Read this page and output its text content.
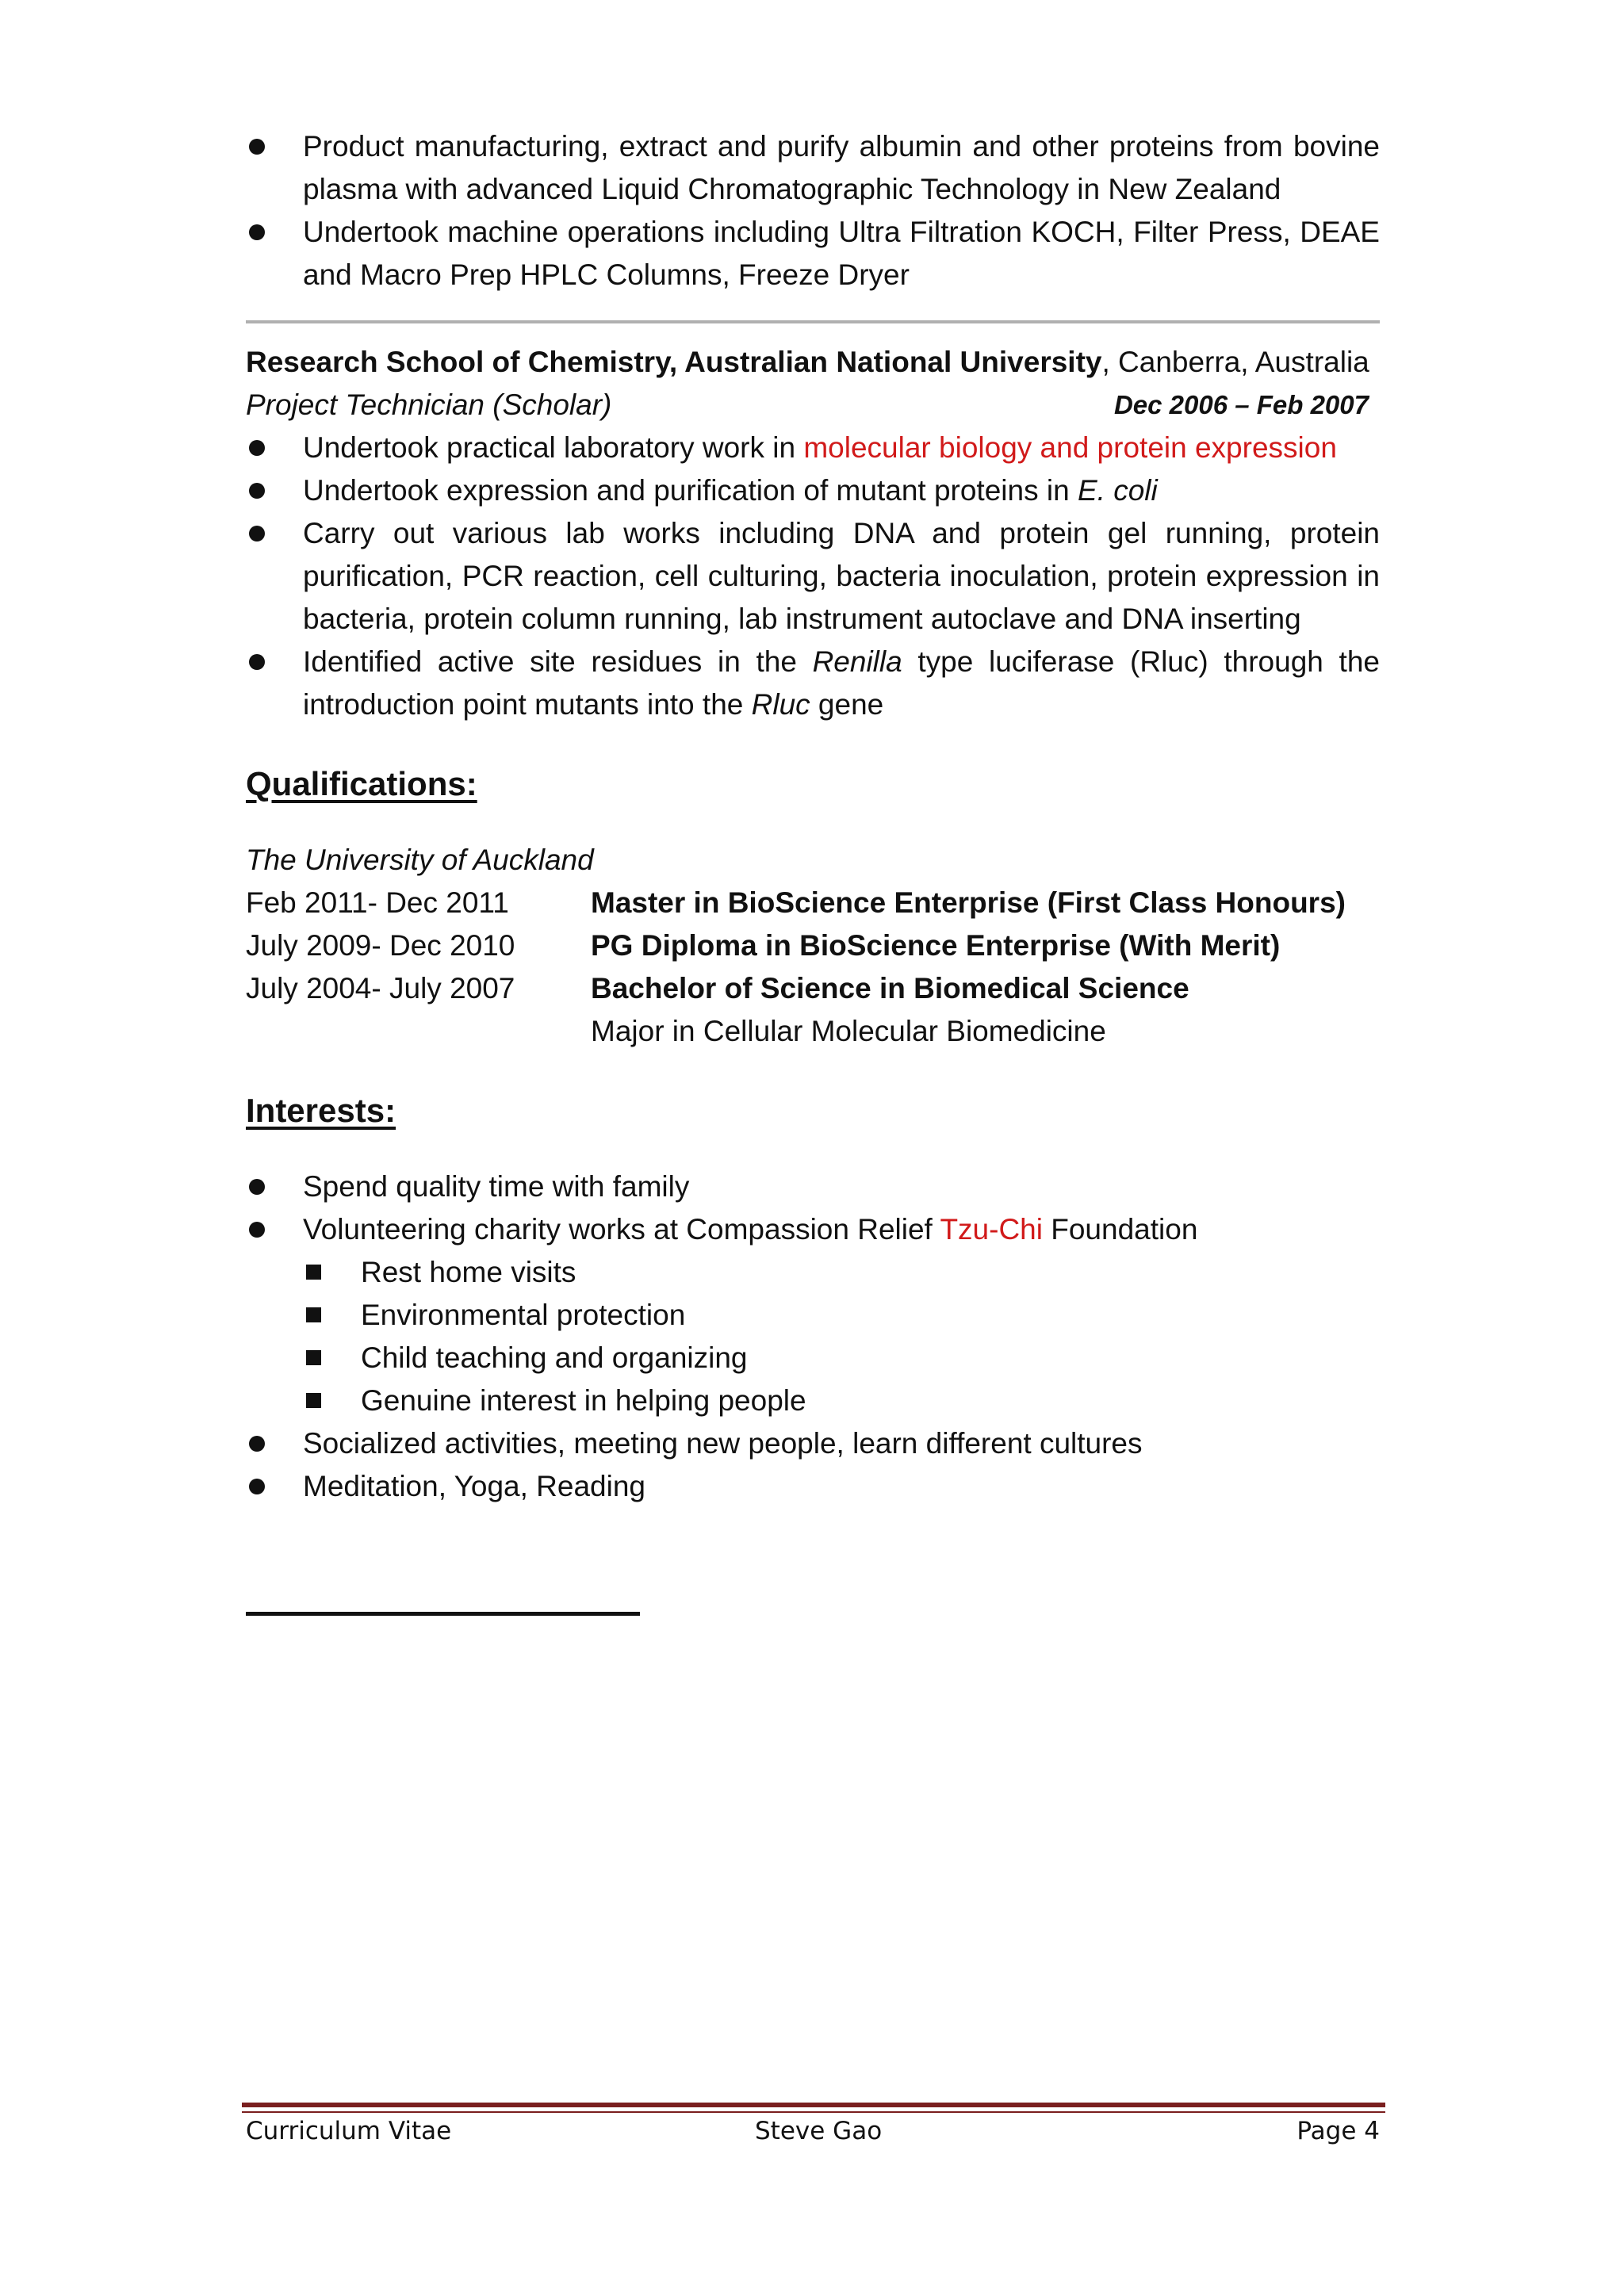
Product manufacturing, extract and purify albumin and other proteins from bovine plasma with advanced Liquid Chromatographic Technology in New Zealand
Undertook machine operations including Ultra Filtration KOCH, Filter Press, DEAE and Macro Prep HPLC Columns, Freeze Dryer
Research School of Chemistry, Australian National University, Canberra, Australia
Project Technician (Scholar)	Dec 2006 – Feb 2007
Undertook practical laboratory work in molecular biology and protein expression
Undertook expression and purification of mutant proteins in E. coli
Carry out various lab works including DNA and protein gel running, protein purification, PCR reaction, cell culturing, bacteria inoculation, protein expression in bacteria, protein column running, lab instrument autoclave and DNA inserting
Identified active site residues in the Renilla type luciferase (Rluc) through the introduction point mutants into the Rluc gene
Qualifications:
The University of Auckland
Feb 2011- Dec 2011	Master in BioScience Enterprise (First Class Honours)
July 2009- Dec 2010	PG Diploma in BioScience Enterprise (With Merit)
July 2004- July 2007	Bachelor of Science in Biomedical Science
Major in Cellular Molecular Biomedicine
Interests:
Spend quality time with family
Volunteering charity works at Compassion Relief Tzu-Chi Foundation
Rest home visits
Environmental protection
Child teaching and organizing
Genuine interest in helping people
Socialized activities, meeting new people, learn different cultures
Meditation, Yoga, Reading
Curriculum Vitae	Steve Gao	Page 4
